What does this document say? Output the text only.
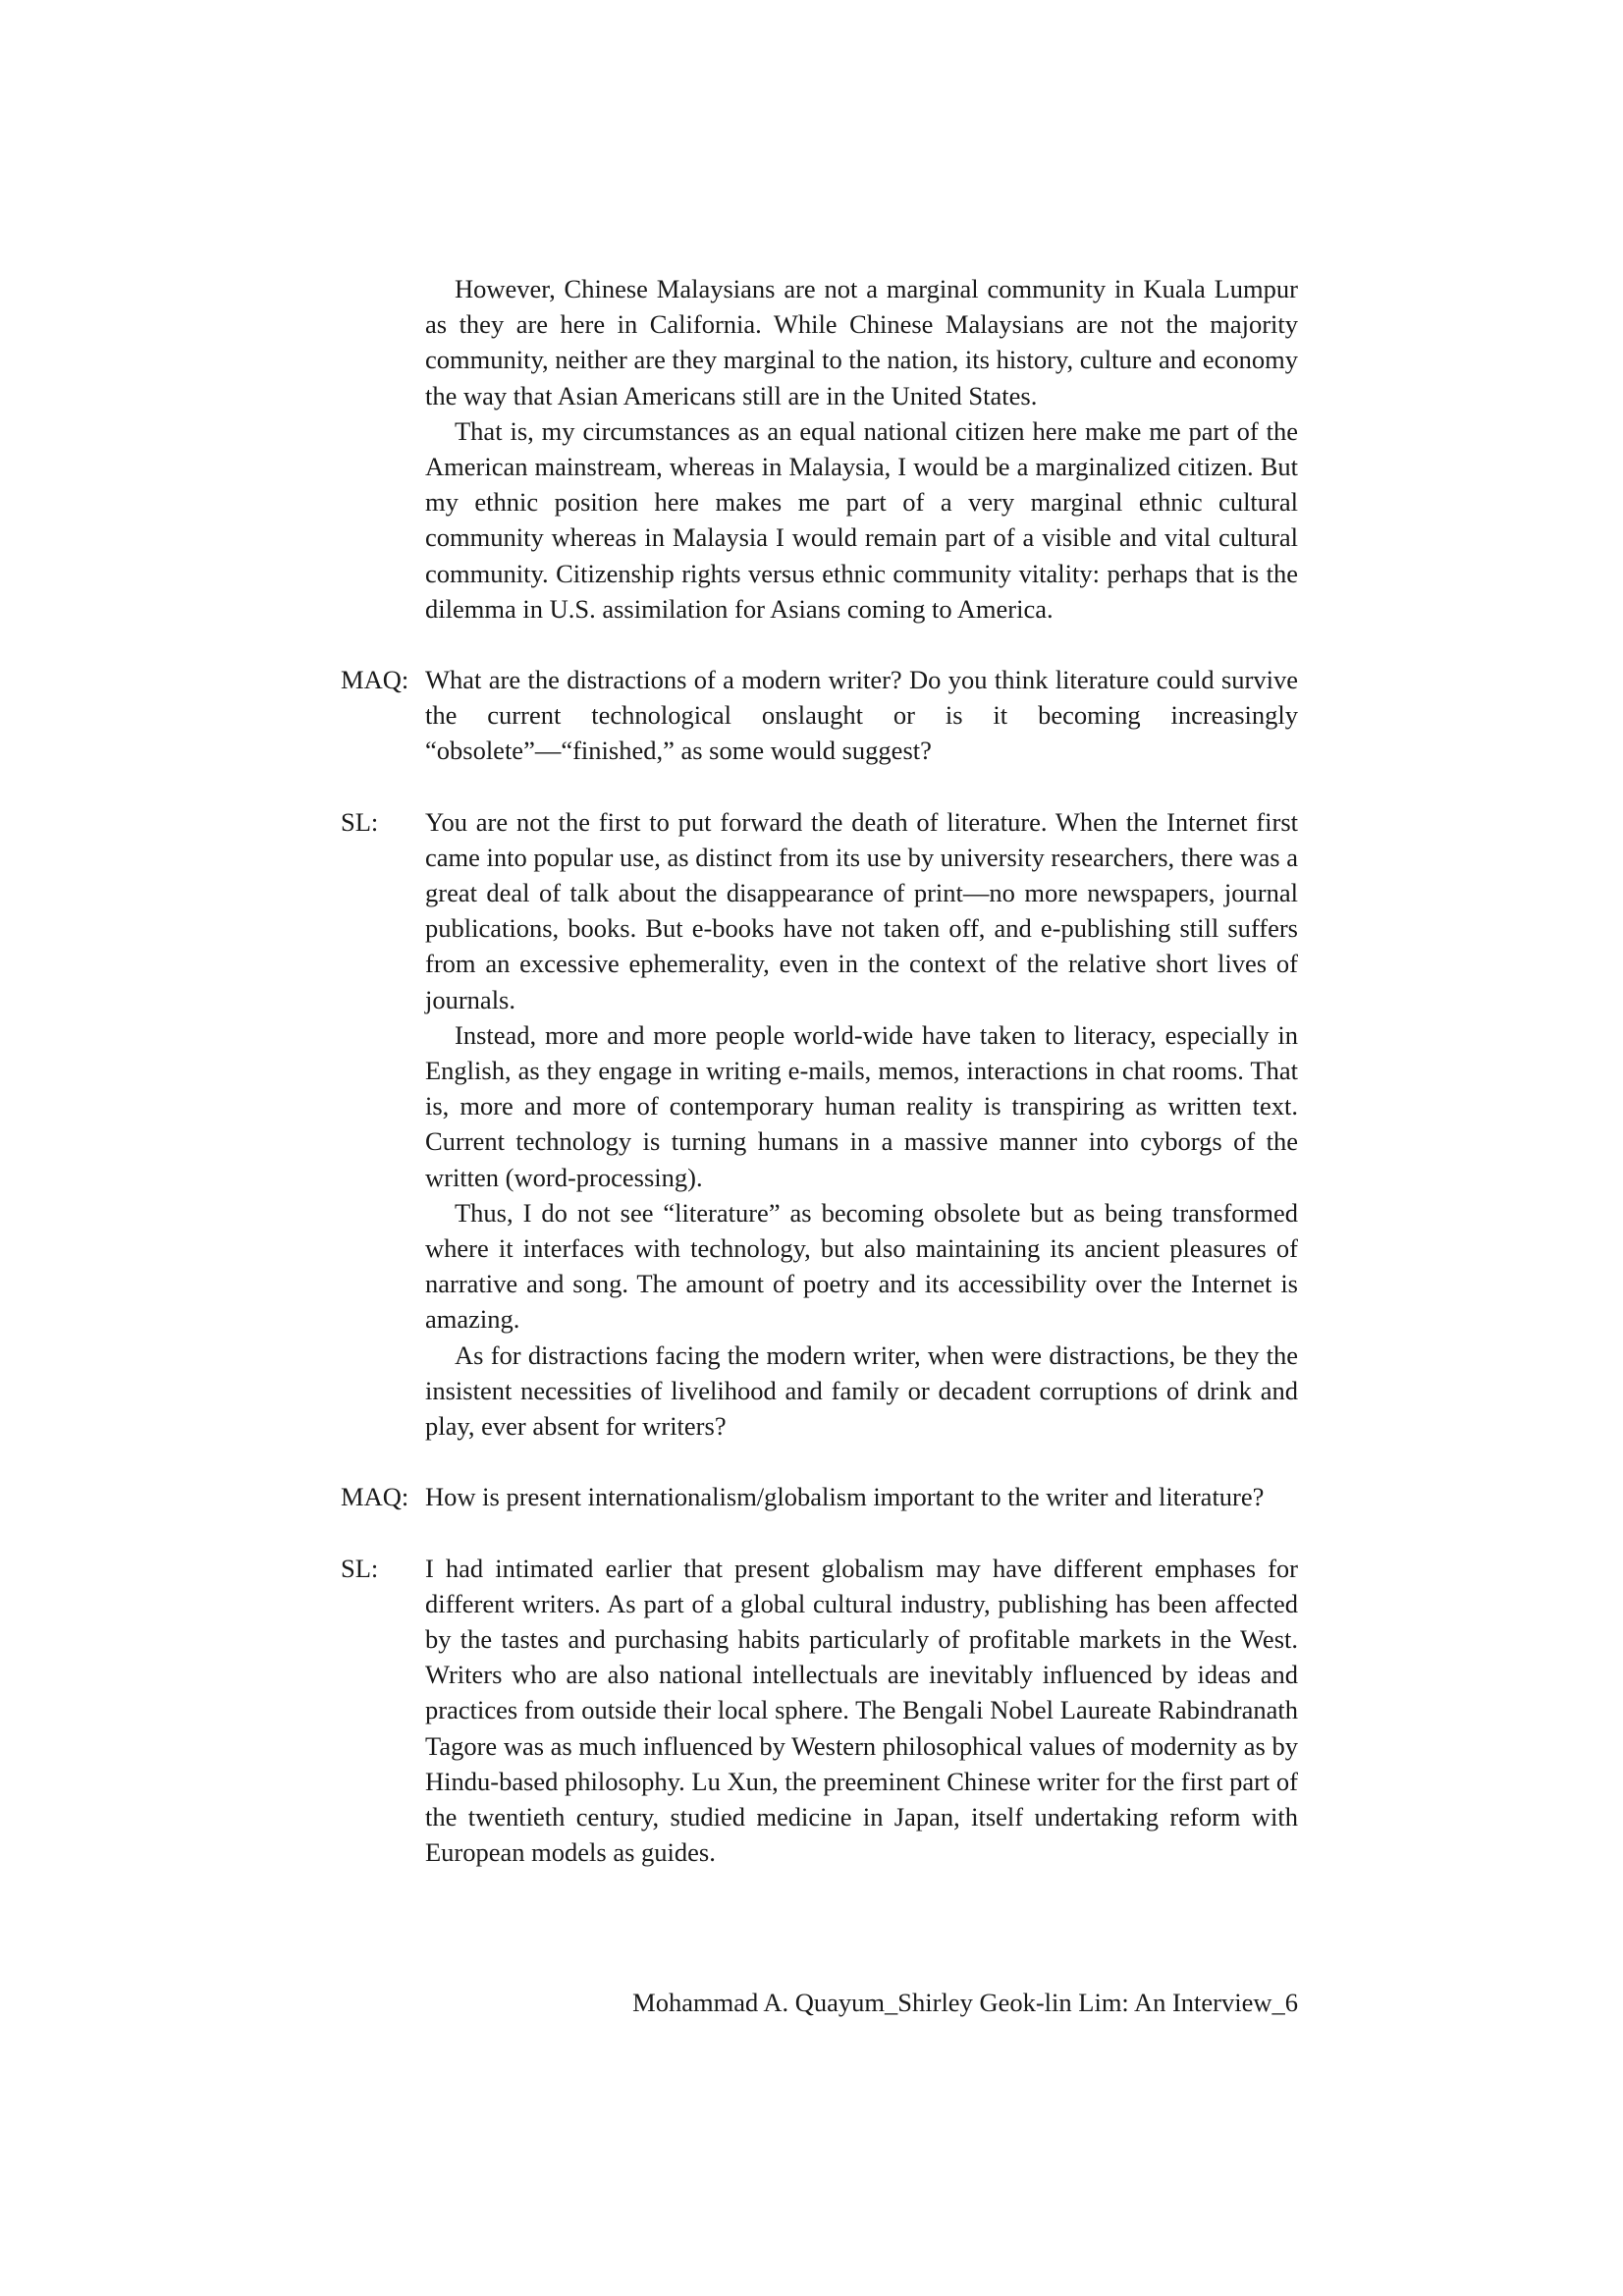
However, Chinese Malaysians are not a marginal community in Kuala Lumpur as they are here in California. While Chinese Malaysians are not the majority community, neither are they marginal to the nation, its history, culture and economy the way that Asian Americans still are in the United States.

That is, my circumstances as an equal national citizen here make me part of the American mainstream, whereas in Malaysia, I would be a marginalized citizen. But my ethnic position here makes me part of a very marginal ethnic cultural community whereas in Malaysia I would remain part of a visible and vital cultural community. Citizenship rights versus ethnic community vitality: perhaps that is the dilemma in U.S. assimilation for Asians coming to America.

MAQ: What are the distractions of a modern writer? Do you think literature could survive the current technological onslaught or is it becoming increasingly “obsolete”—“finished,” as some would suggest?

SL:	You are not the first to put forward the death of literature. When the Internet first came into popular use, as distinct from its use by university researchers, there was a great deal of talk about the disappearance of print—no more newspapers, journal publications, books. But e-books have not taken off, and e-publishing still suffers from an excessive ephemerality, even in the context of the relative short lives of journals.

Instead, more and more people world-wide have taken to literacy, especially in English, as they engage in writing e-mails, memos, interactions in chat rooms. That is, more and more of contemporary human reality is transpiring as written text. Current technology is turning humans in a massive manner into cyborgs of the written (word-processing).

Thus, I do not see “literature” as becoming obsolete but as being transformed where it interfaces with technology, but also maintaining its ancient pleasures of narrative and song. The amount of poetry and its accessibility over the Internet is amazing.

As for distractions facing the modern writer, when were distractions, be they the insistent necessities of livelihood and family or decadent corruptions of drink and play, ever absent for writers?

MAQ: How is present internationalism/globalism important to the writer and literature?

SL:	I had intimated earlier that present globalism may have different emphases for different writers. As part of a global cultural industry, publishing has been affected by the tastes and purchasing habits particularly of profitable markets in the West. Writers who are also national intellectuals are inevitably influenced by ideas and practices from outside their local sphere. The Bengali Nobel Laureate Rabindranath Tagore was as much influenced by Western philosophical values of modernity as by Hindu-based philosophy. Lu Xun, the preeminent Chinese writer for the first part of the twentieth century, studied medicine in Japan, itself undertaking reform with European models as guides.

Mohammad A. Quayum_Shirley Geok-lin Lim: An Interview_6
